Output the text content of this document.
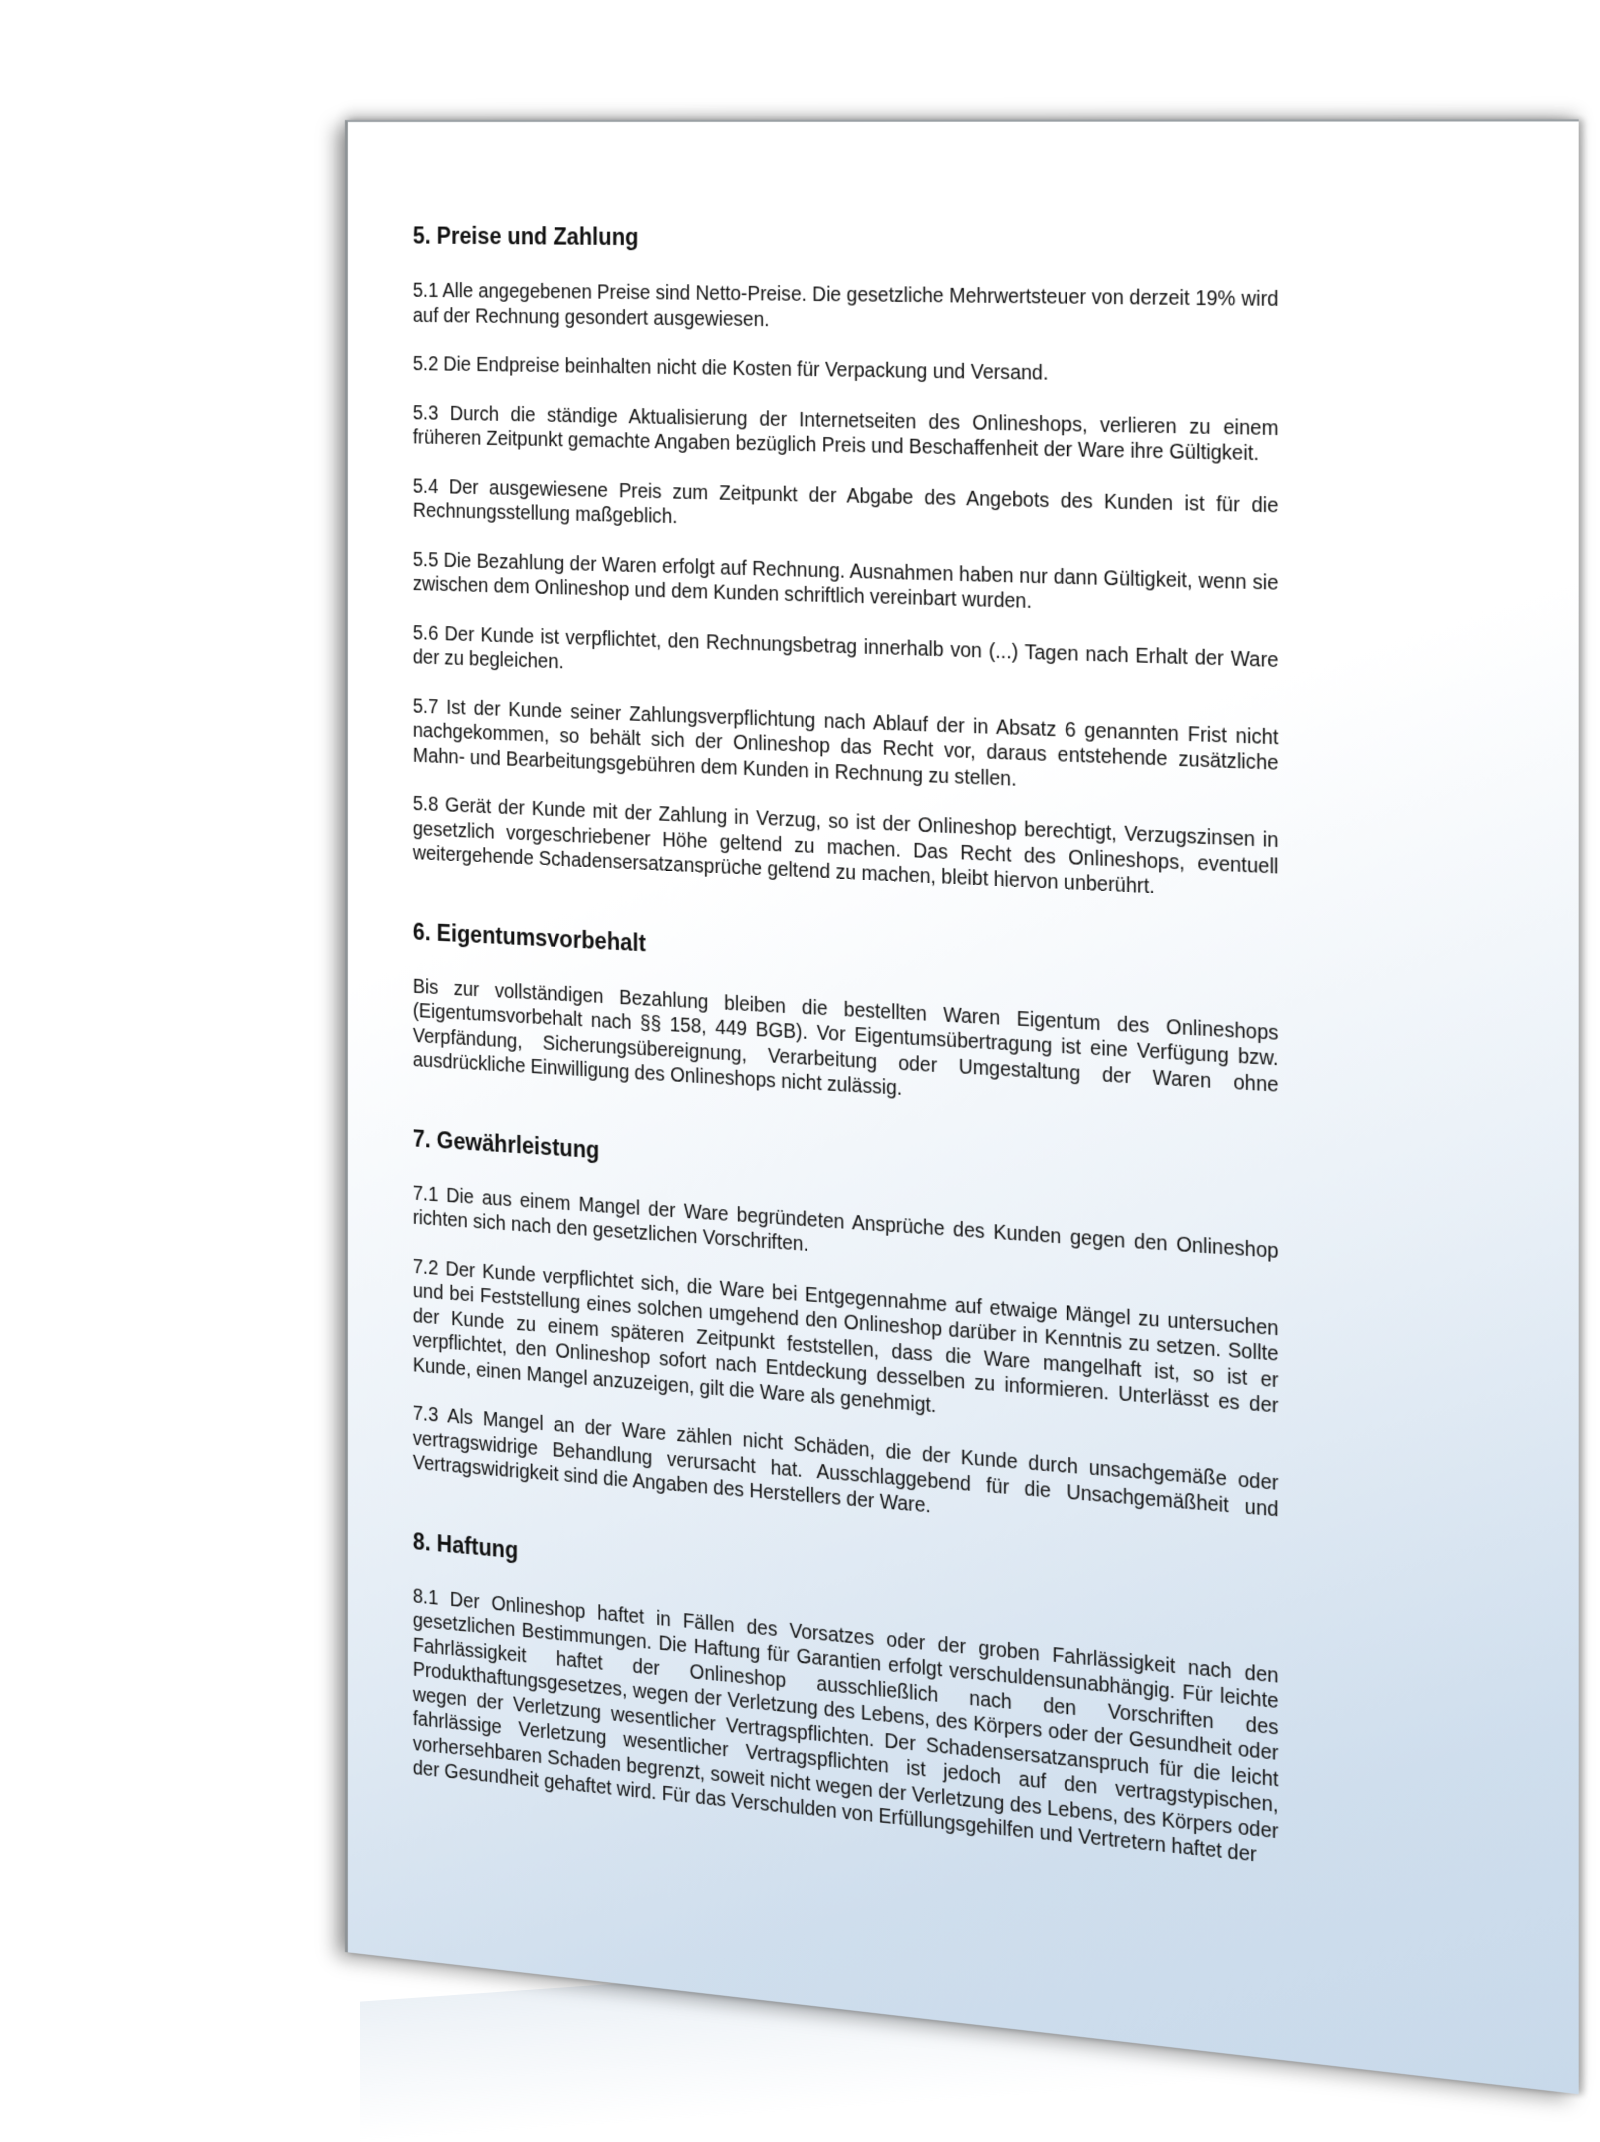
5. Preise und Zahlung

5.1 Alle angegebenen Preise sind Netto-Preise. Die gesetzliche Mehrwertsteuer von derzeit 19% wird auf der Rechnung gesondert ausgewiesen.

5.2 Die Endpreise beinhalten nicht die Kosten für Verpackung und Versand.

5.3 Durch die ständige Aktualisierung der Internetseiten des Onlineshops, verlieren zu einem früheren Zeitpunkt gemachte Angaben bezüglich Preis und Beschaffenheit der Ware ihre Gültigkeit.

5.4 Der ausgewiesene Preis zum Zeitpunkt der Abgabe des Angebots des Kunden ist für die Rechnungsstellung maßgeblich.

5.5 Die Bezahlung der Waren erfolgt auf Rechnung. Ausnahmen haben nur dann Gültigkeit, wenn sie zwischen dem Onlineshop und dem Kunden schriftlich vereinbart wurden.

5.6 Der Kunde ist verpflichtet, den Rechnungsbetrag innerhalb von (...) Tagen nach Erhalt der Ware der zu begleichen.

5.7 Ist der Kunde seiner Zahlungsverpflichtung nach Ablauf der in Absatz 6 genannten Frist nicht nachgekommen, so behält sich der Onlineshop das Recht vor, daraus entstehende zusätzliche Mahn- und Bearbeitungsgebühren dem Kunden in Rechnung zu stellen.

5.8 Gerät der Kunde mit der Zahlung in Verzug, so ist der Onlineshop berechtigt, Verzugszinsen in gesetzlich vorgeschriebener Höhe geltend zu machen. Das Recht des Onlineshops, eventuell weitergehende Schadensersatzansprüche geltend zu machen, bleibt hiervon unberührt.

6. Eigentumsvorbehalt

Bis zur vollständigen Bezahlung bleiben die bestellten Waren Eigentum des Onlineshops (Eigentumsvorbehalt nach §§ 158, 449 BGB). Vor Eigentumsübertragung ist eine Verfügung bzw. Verpfändung, Sicherungsübereignung, Verarbeitung oder Umgestaltung der Waren ohne ausdrückliche Einwilligung des Onlineshops nicht zulässig.

7. Gewährleistung

7.1 Die aus einem Mangel der Ware begründeten Ansprüche des Kunden gegen den Onlineshop richten sich nach den gesetzlichen Vorschriften.

7.2 Der Kunde verpflichtet sich, die Ware bei Entgegennahme auf etwaige Mängel zu untersuchen und bei Feststellung eines solchen umgehend den Onlineshop darüber in Kenntnis zu setzen. Sollte der Kunde zu einem späteren Zeitpunkt feststellen, dass die Ware mangelhaft ist, so ist er verpflichtet, den Onlineshop sofort nach Entdeckung desselben zu informieren. Unterlässt es der Kunde, einen Mangel anzuzeigen, gilt die Ware als genehmigt.

7.3 Als Mangel an der Ware zählen nicht Schäden, die der Kunde durch unsachgemäße oder vertragswidrige Behandlung verursacht hat. Ausschlaggebend für die Unsachgemäßheit und Vertragswidrigkeit sind die Angaben des Herstellers der Ware.

8. Haftung

8.1 Der Onlineshop haftet in Fällen des Vorsatzes oder der groben Fahrlässigkeit nach den gesetzlichen Bestimmungen. Die Haftung für Garantien erfolgt verschuldensunabhängig. Für leichte Fahrlässigkeit haftet der Onlineshop ausschließlich nach den Vorschriften des Produkthaftungsgesetzes, wegen der Verletzung des Lebens, des Körpers oder der Gesundheit oder wegen der Verletzung wesentlicher Vertragspflichten. Der Schadensersatzanspruch für die leicht fahrlässige Verletzung wesentlicher Vertragspflichten ist jedoch auf den vertragstypischen, vorhersehbaren Schaden begrenzt, soweit nicht wegen der Verletzung des Lebens, des Körpers oder der Gesundheit gehaftet wird. Für das Verschulden von Erfüllungsgehilfen und Vertretern haftet der
